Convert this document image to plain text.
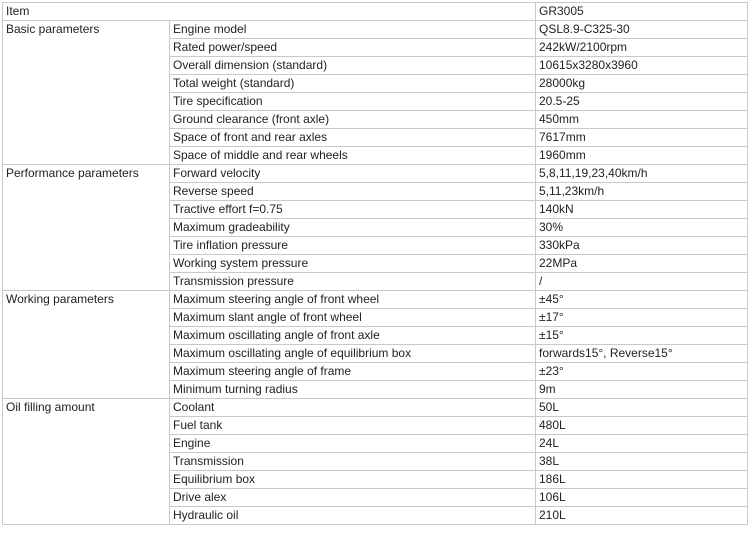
Item		GR3005
Basic parameters	Engine model	QSL8.9-C325-30
	Rated power/speed	242kW/2100rpm
	Overall dimension (standard)	10615x3280x3960
	Total weight (standard)	28000kg
	Tire specification	20.5-25
	Ground clearance (front axle)	450mm
	Space of front and rear axles	7617mm
	Space of middle and rear wheels	1960mm
Performance parameters	Forward velocity	5,8,11,19,23,40km/h
	Reverse speed	5,11,23km/h
	Tractive effort f=0.75	140kN
	Maximum gradeability	30%
	Tire inflation pressure	330kPa
	Working system pressure	22MPa
	Transmission pressure	/
Working parameters	Maximum steering angle of front wheel	±45°
	Maximum slant angle of front wheel	±17°
	Maximum oscillating angle of front axle	±15°
	Maximum oscillating angle of equilibrium box	forwards15°, Reverse15°
	Maximum steering angle of frame	±23°
	Minimum turning radius	9m
Oil filling amount	Coolant	50L
	Fuel tank	480L
	Engine	24L
	Transmission	38L
	Equilibrium box	186L
	Drive alex	106L
	Hydraulic oil	210L
